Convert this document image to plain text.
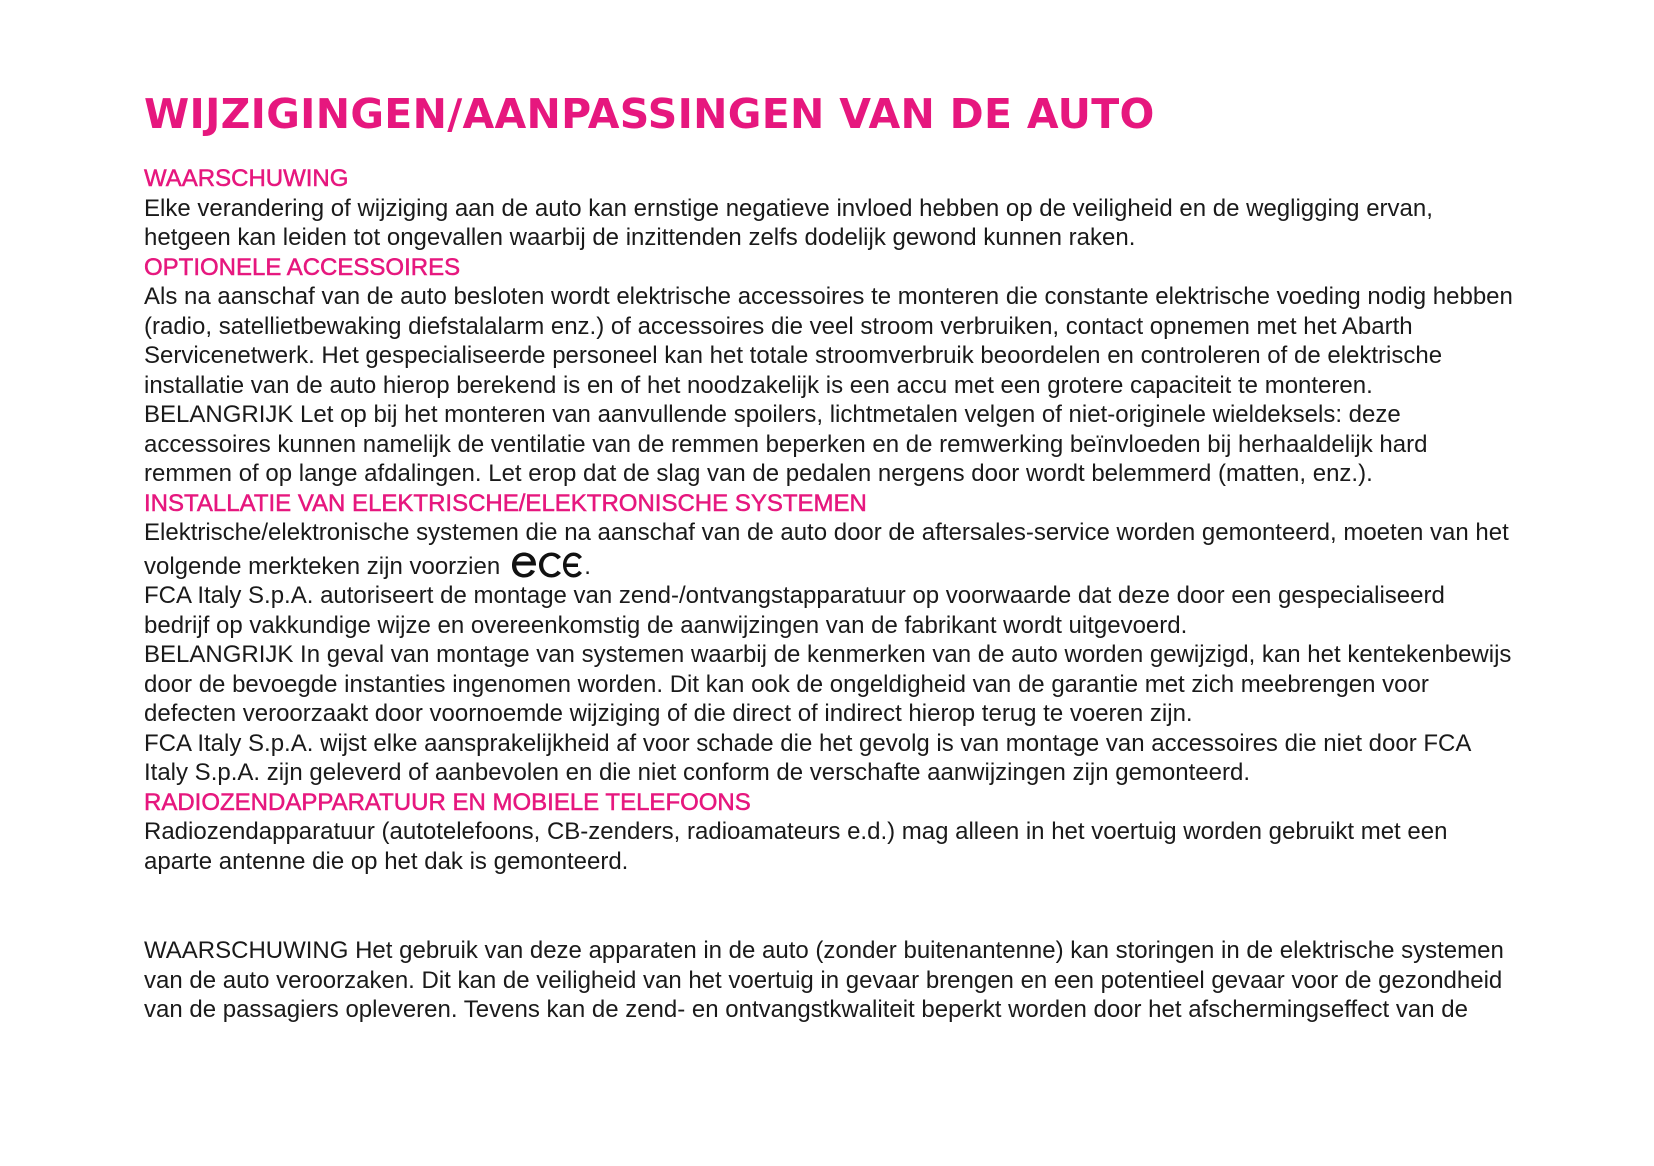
WIJZIGINGEN/AANPASSINGEN VAN DE AUTO
WAARSCHUWING

Elke verandering of wijziging aan de auto kan ernstige negatieve invloed hebben op de veiligheid en de wegligging ervan, hetgeen kan leiden tot ongevallen waarbij de inzittenden zelfs dodelijk gewond kunnen raken.

OPTIONELE ACCESSOIRES

Als na aanschaf van de auto besloten wordt elektrische accessoires te monteren die constante elektrische voeding nodig hebben (radio, satellietbewaking diefstalalarm enz.) of accessoires die veel stroom verbruiken, contact opnemen met het Abarth Servicenetwerk. Het gespecialiseerde personeel kan het totale stroomverbruik beoordelen en controleren of de elektrische installatie van de auto hierop berekend is en of het noodzakelijk is een accu met een grotere capaciteit te monteren.

BELANGRIJK Let op bij het monteren van aanvullende spoilers, lichtmetalen velgen of niet-originele wieldeksels: deze accessoires kunnen namelijk de ventilatie van de remmen beperken en de remwerking beïnvloeden bij herhaaldelijk hard remmen of op lange afdalingen. Let erop dat de slag van de pedalen nergens door wordt belemmerd (matten, enz.).

INSTALLATIE VAN ELEKTRISCHE/ELEKTRONISCHE SYSTEMEN

Elektrische/elektronische systemen die na aanschaf van de auto door de aftersales-service worden gemonteerd, moeten van het volgende merkteken zijn voorzien	.

FCA Italy S.p.A. autoriseert de montage van zend-/ontvangstapparatuur op voorwaarde dat deze door een gespecialiseerd bedrijf op vakkundige wijze en overeenkomstig de aanwijzingen van de fabrikant wordt uitgevoerd.

BELANGRIJK In geval van montage van systemen waarbij de kenmerken van de auto worden gewijzigd, kan het kentekenbewijs door de bevoegde instanties ingenomen worden. Dit kan ook de ongeldigheid van de garantie met zich meebrengen voor defecten veroorzaakt door voornoemde wijziging of die direct of indirect hierop terug te voeren zijn.

FCA Italy S.p.A. wijst elke aansprakelijkheid af voor schade die het gevolg is van montage van accessoires die niet door FCA Italy S.p.A. zijn geleverd of aanbevolen en die niet conform de verschafte aanwijzingen zijn gemonteerd.

RADIOZENDAPPARATUUR EN MOBIELE TELEFOONS

Radiozendapparatuur (autotelefoons, CB-zenders, radioamateurs e.d.) mag alleen in het voertuig worden gebruikt met een aparte antenne die op het dak is gemonteerd.

WAARSCHUWING Het gebruik van deze apparaten in de auto (zonder buitenantenne) kan storingen in de elektrische systemen van de auto veroorzaken. Dit kan de veiligheid van het voertuig in gevaar brengen en een potentieel gevaar voor de gezondheid van de passagiers opleveren. Tevens kan de zend- en ontvangstkwaliteit beperkt worden door het afschermingseffect van de
